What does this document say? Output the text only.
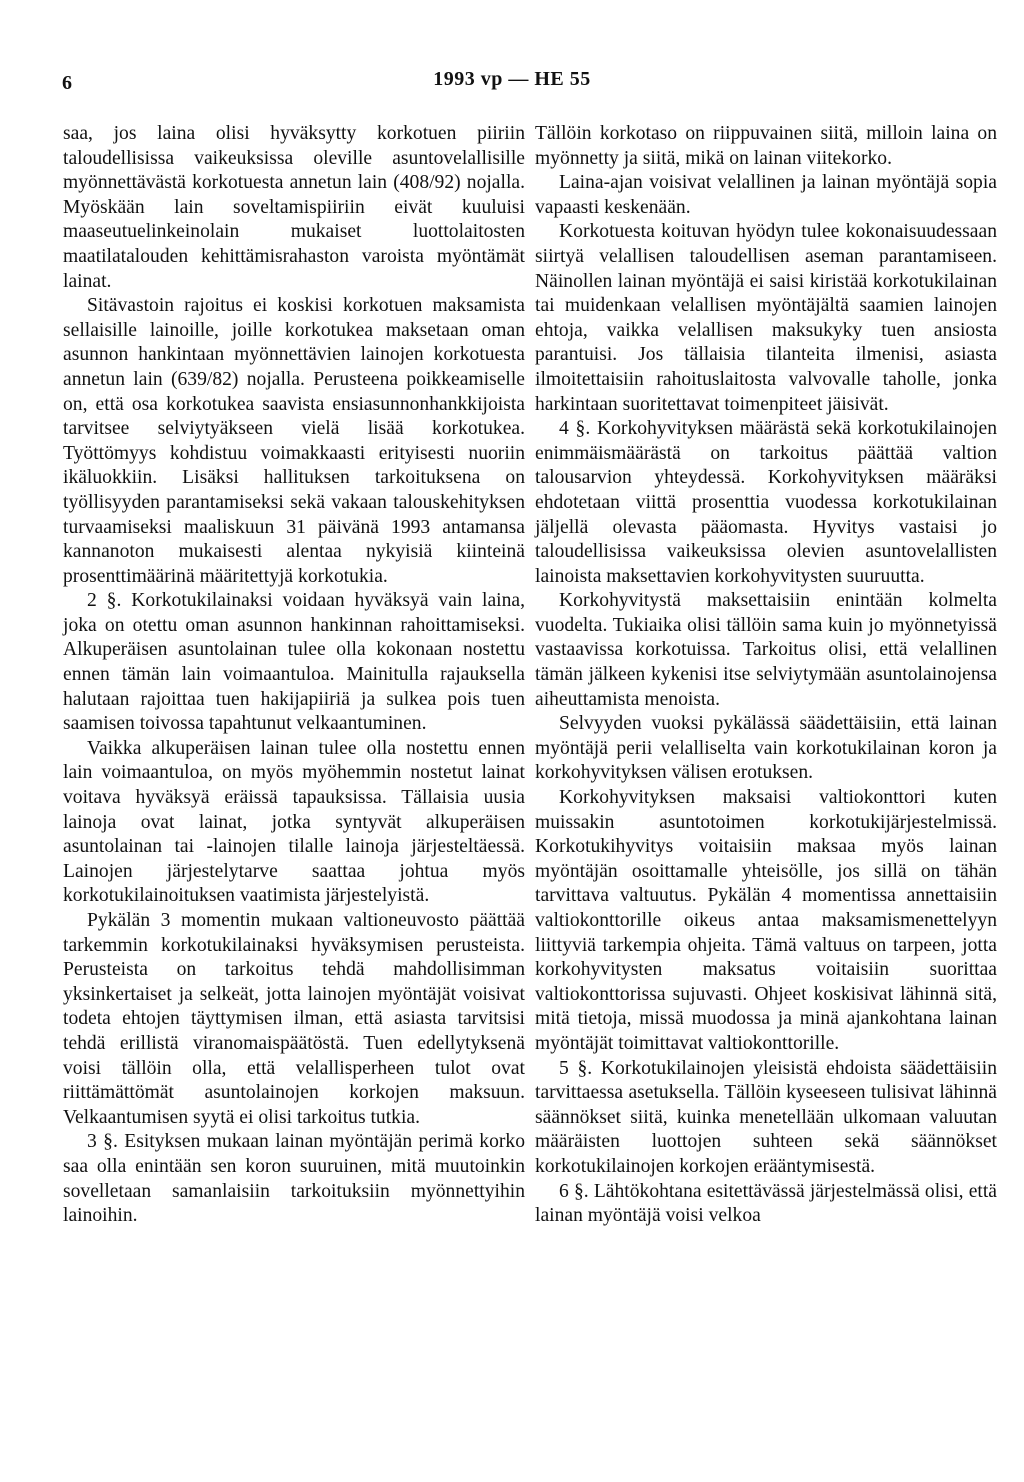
6	1993 vp — HE 55

saa, jos laina olisi hyväksytty korkotuen piiriin taloudellisissa vaikeuksissa oleville asuntovelallisille myönnettävästä korkotuesta annetun lain (408/92) nojalla. Myöskään lain soveltamispiiriin eivät kuuluisi maaseutuelinkeinolain mukaiset luottolaitosten maatilatalouden kehittämisrahaston varoista myöntämät lainat.

Sitävastoin rajoitus ei koskisi korkotuen maksamista sellaisille lainoille, joille korkotukea maksetaan oman asunnon hankintaan myönnettävien lainojen korkotuesta annetun lain (639/82) nojalla. Perusteena poikkeamiselle on, että osa korkotukea saavista ensiasunnonhankkijoista tarvitsee selviytyäkseen vielä lisää korkotukea. Työttömyys kohdistuu voimakkaasti erityisesti nuoriin ikäluokkiin. Lisäksi hallituksen tarkoituksena on työllisyyden parantamiseksi sekä vakaan talouskehityksen turvaamiseksi maaliskuun 31 päivänä 1993 antamansa kannanoton mukaisesti alentaa nykyisiä kiinteinä prosenttimäärinä määritettyjä korkotukia.

2 §. Korkotukilainaksi voidaan hyväksyä vain laina, joka on otettu oman asunnon hankinnan rahoittamiseksi. Alkuperäisen asuntolainan tulee olla kokonaan nostettu ennen tämän lain voimaantuloa. Mainitulla rajauksella halutaan rajoittaa tuen hakijapiiriä ja sulkea pois tuen saamisen toivossa tapahtunut velkaantuminen.

Vaikka alkuperäisen lainan tulee olla nostettu ennen lain voimaantuloa, on myös myöhemmin nostetut lainat voitava hyväksyä eräissä tapauksissa. Tällaisia uusia lainoja ovat lainat, jotka syntyvät alkuperäisen asuntolainan tai -lainojen tilalle lainoja järjesteltäessä. Lainojen järjestelytarve saattaa johtua myös korkotukilainoituksen vaatimista järjestelyistä.

Pykälän 3 momentin mukaan valtioneuvosto päättää tarkemmin korkotukilainaksi hyväksymisen perusteista. Perusteista on tarkoitus tehdä mahdollisimman yksinkertaiset ja selkeät, jotta lainojen myöntäjät voisivat todeta ehtojen täyttymisen ilman, että asiasta tarvitsisi tehdä erillistä viranomaispäätöstä. Tuen edellytyksenä voisi tällöin olla, että velallisperheen tulot ovat riittämättömät asuntolainojen korkojen maksuun. Velkaantumisen syytä ei olisi tarkoitus tutkia.

3 §. Esityksen mukaan lainan myöntäjän perimä korko saa olla enintään sen koron suuruinen, mitä muutoinkin sovelletaan samanlaisiin tarkoituksiin myönnettyihin lainoihin.

Tällöin korkotaso on riippuvainen siitä, milloin laina on myönnetty ja siitä, mikä on lainan viitekorko.

Laina-ajan voisivat velallinen ja lainan myöntäjä sopia vapaasti keskenään.

Korkotuesta koituvan hyödyn tulee kokonaisuudessaan siirtyä velallisen taloudellisen aseman parantamiseen. Näinollen lainan myöntäjä ei saisi kiristää korkotukilainan tai muidenkaan velallisen myöntäjältä saamien lainojen ehtoja, vaikka velallisen maksukyky tuen ansiosta parantuisi. Jos tällaisia tilanteita ilmenisi, asiasta ilmoitettaisiin rahoituslaitosta valvovalle taholle, jonka harkintaan suoritettavat toimenpiteet jäisivät.

4 §. Korkohyvityksen määrästä sekä korkotukilainojen enimmäismäärästä on tarkoitus päättää valtion talousarvion yhteydessä. Korkohyvityksen määräksi ehdotetaan viittä prosenttia vuodessa korkotukilainan jäljellä olevasta pääomasta. Hyvitys vastaisi jo taloudellisissa vaikeuksissa olevien asuntovelallisten lainoista maksettavien korkohyvitysten suuruutta.

Korkohyvitystä maksettaisiin enintään kolmelta vuodelta. Tukiaika olisi tällöin sama kuin jo myönnetyissä vastaavissa korkotuissa. Tarkoitus olisi, että velallinen tämän jälkeen kykenisi itse selviytymään asuntolainojensa aiheuttamista menoista.

Selvyyden vuoksi pykälässä säädettäisiin, että lainan myöntäjä perii velalliselta vain korkotukilainan koron ja korkohyvityksen välisen erotuksen.

Korkohyvityksen maksaisi valtiokonttori kuten muissakin asuntotoimen korkotukijärjestelmissä. Korkotukihyvitys voitaisiin maksaa myös lainan myöntäjän osoittamalle yhteisölle, jos sillä on tähän tarvittava valtuutus. Pykälän 4 momentissa annettaisiin valtiokonttorille oikeus antaa maksamismenettelyyn liittyviä tarkempia ohjeita. Tämä valtuus on tarpeen, jotta korkohyvitysten maksatus voitaisiin suorittaa valtiokonttorissa sujuvasti. Ohjeet koskisivat lähinnä sitä, mitä tietoja, missä muodossa ja minä ajankohtana lainan myöntäjät toimittavat valtiokonttorille.

5 §. Korkotukilainojen yleisistä ehdoista säädettäisiin tarvittaessa asetuksella. Tällöin kyseeseen tulisivat lähinnä säännökset siitä, kuinka menetellään ulkomaan valuutan määräisten luottojen suhteen sekä säännökset korkotukilainojen korkojen erääntymisestä.

6 §. Lähtökohtana esitettävässä järjestelmässä olisi, että lainan myöntäjä voisi velkoa
